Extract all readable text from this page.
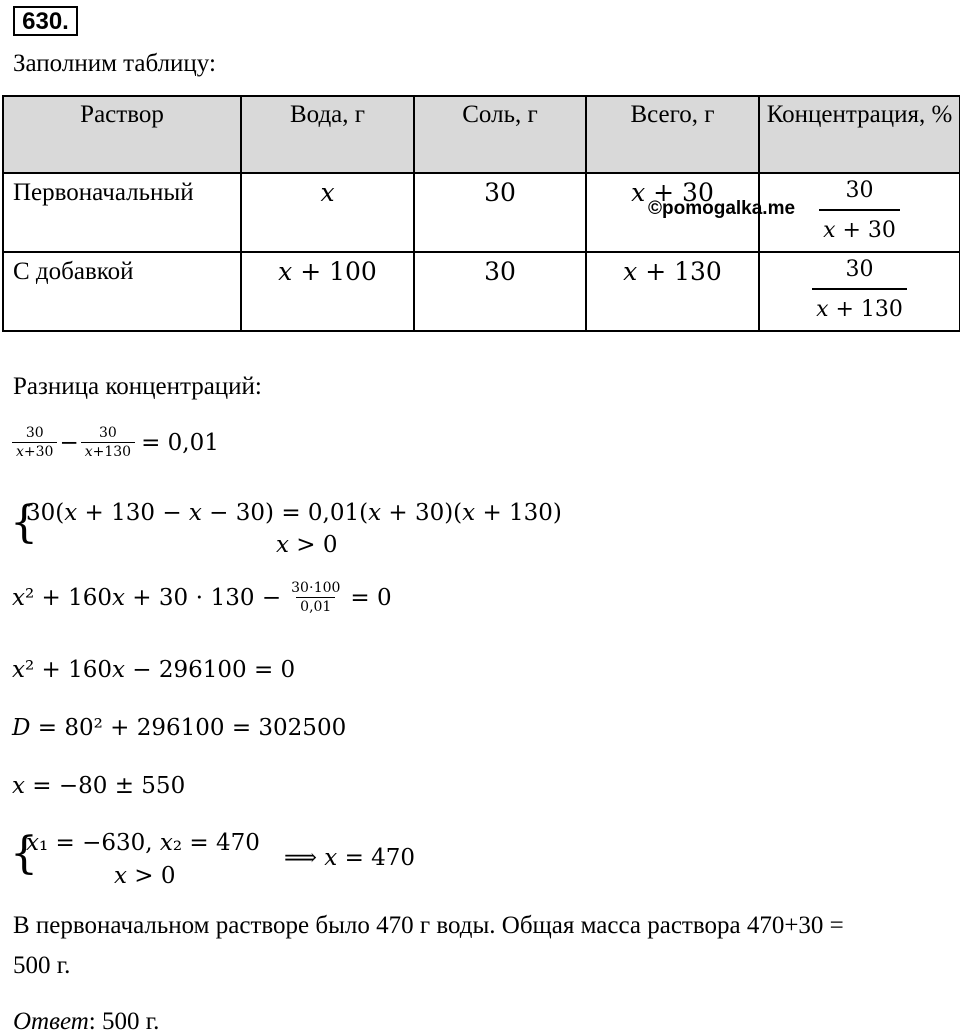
630.
Заполним таблицу:
Раствор	Вода, г	Соль, г	Всего, г	Концентрация, %
Первоначальный	𝑥	30	𝑥 + 30	$\frac{30}{\text{𝑥 + 30}}$

С добавкой	𝑥 + 100	30	𝑥 + 130	$\frac{30}{\text{𝑥 + 130}}$
©pomogalka.me
Разница концентраций:
$\frac{30}{\text{𝑥+30}} - \frac{30}{\text{𝑥+130}} = 0,01$
{
30(𝑥 + 130 − 𝑥 − 30) = 0,01(𝑥 + 30)(𝑥 + 130)
𝑥 > 0
𝑥² + 160𝑥 + $30 \cdot 130 - \frac{30\cdot 100}{0,01} = 0$
𝑥² + 160𝑥 − 296100 = 0
𝐷 = 80² + 296100 = 302500
𝑥 = −80 ± 550
{
𝑥₁ = −630, 𝑥₂ = 470
𝑥 > 0
⟹ 𝑥 = 470
В первоначальном растворе было 470 г воды. Общая масса раствора 470+30 =
500 г.
Ответ: 500 г.
